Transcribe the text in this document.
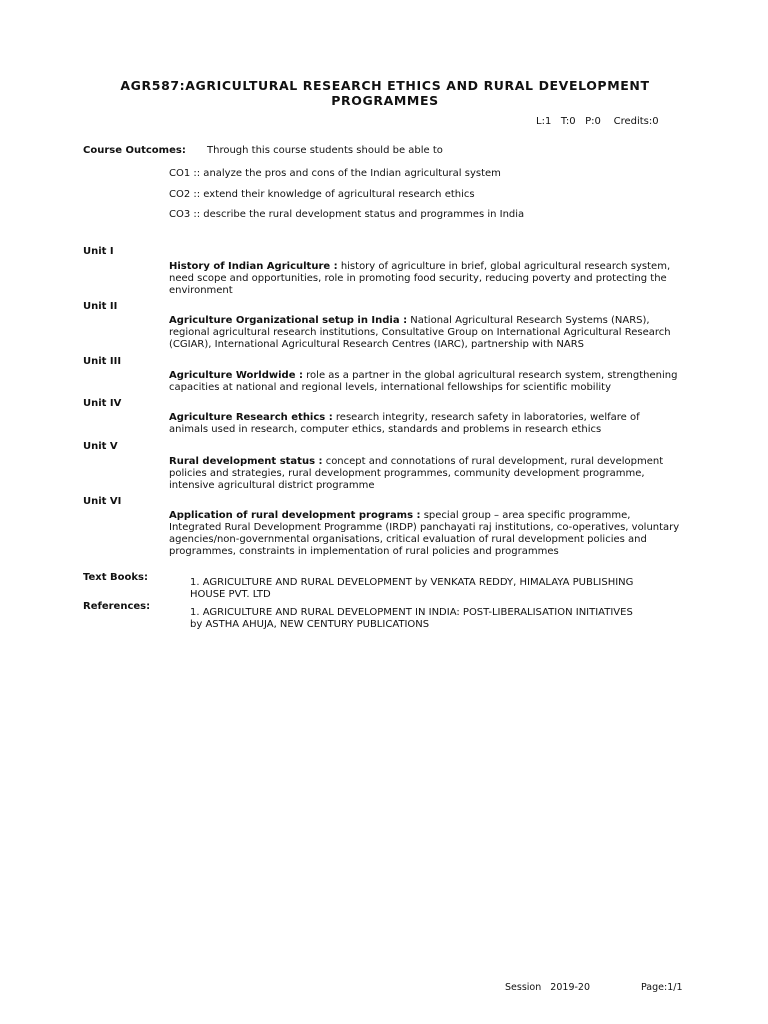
AGR587:AGRICULTURAL RESEARCH ETHICS AND RURAL DEVELOPMENT
PROGRAMMES
L:1   T:0   P:0    Credits:0
Course Outcomes: Through this course students should be able to
CO1 :: analyze the pros and cons of the Indian agricultural system
CO2 :: extend their knowledge of agricultural research ethics
CO3 :: describe the rural development status and programmes in India
Unit I
History of Indian Agriculture : history of agriculture in brief, global agricultural research system,
need scope and opportunities, role in promoting food security, reducing poverty and protecting the
environment
Unit II
Agriculture Organizational setup in India : National Agricultural Research Systems (NARS),
regional agricultural research institutions, Consultative Group on International Agricultural Research
(CGIAR), International Agricultural Research Centres (IARC), partnership with NARS
Unit III
Agriculture Worldwide : role as a partner in the global agricultural research system, strengthening
capacities at national and regional levels, international fellowships for scientific mobility
Unit IV
Agriculture Research ethics : research integrity, research safety in laboratories, welfare of
animals used in research, computer ethics, standards and problems in research ethics
Unit V
Rural development status : concept and connotations of rural development, rural development
policies and strategies, rural development programmes, community development programme,
intensive agricultural district programme
Unit VI
Application of rural development programs : special group – area specific programme,
Integrated Rural Development Programme (IRDP) panchayati raj institutions, co-operatives, voluntary
agencies/non-governmental organisations, critical evaluation of rural development policies and
programmes, constraints in implementation of rural policies and programmes
Text Books:	1. AGRICULTURE AND RURAL DEVELOPMENT by VENKATA REDDY, HIMALAYA PUBLISHING
HOUSE PVT. LTD
References:
1. AGRICULTURE AND RURAL DEVELOPMENT IN INDIA: POST-LIBERALISATION INITIATIVES
by ASTHA AHUJA, NEW CENTURY PUBLICATIONS
Session   2019-20	Page:1/1
